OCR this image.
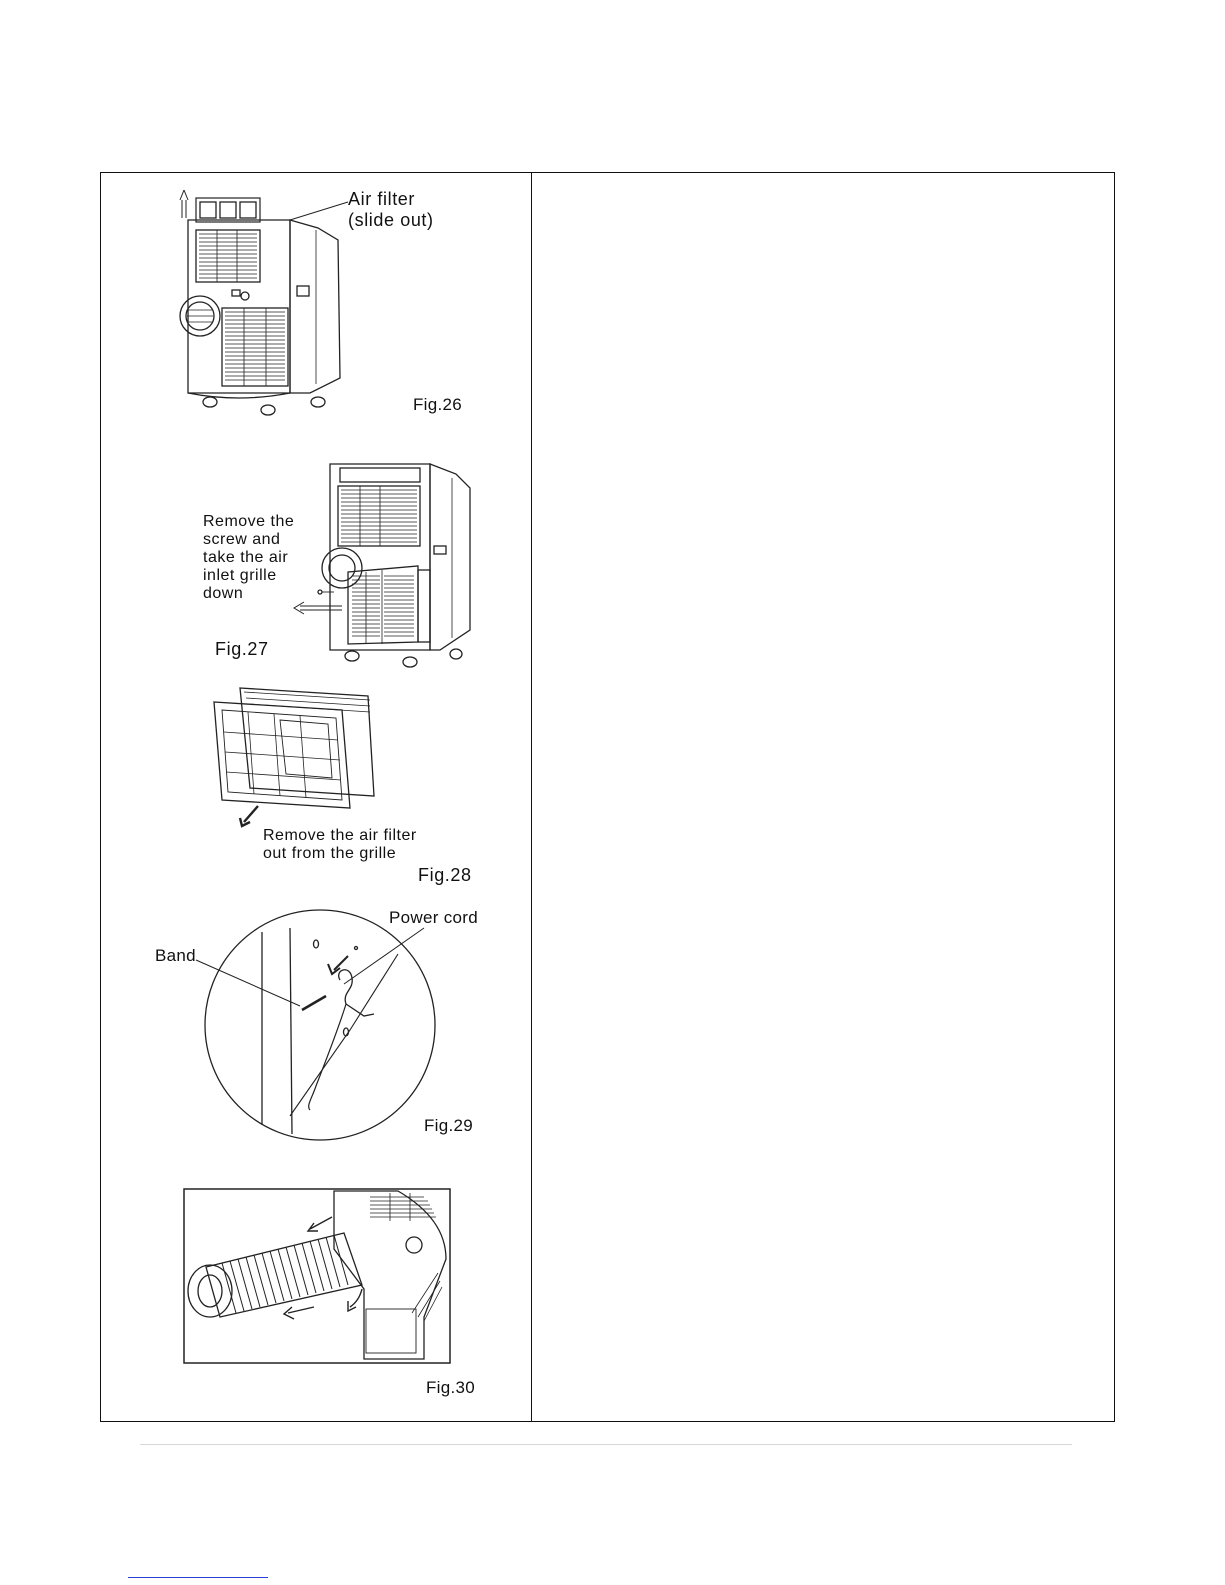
Air filter
(slide out)
Fig.26
Remove the
screw and
take the air
inlet grille
down
Fig.27
Remove the air filter
out from the grille
Fig.28
Power cord
Band
Fig.29
Fig.30
